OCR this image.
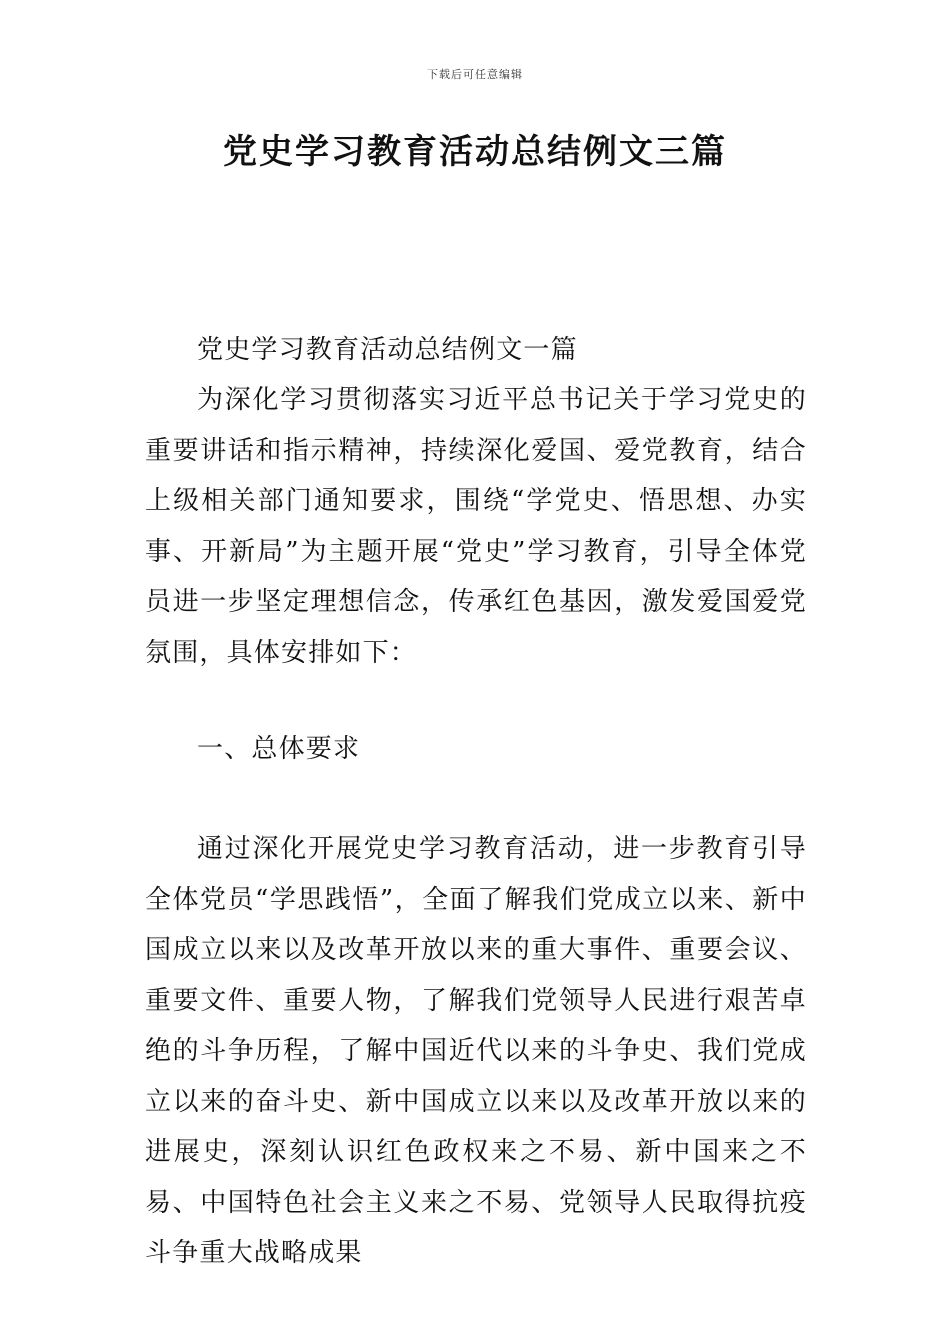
下载后可任意编辑
党史学习教育活动总结例文三篇

党史学习教育活动总结例文一篇

为深化学习贯彻落实习近平总书记关于学习党史的重要讲话和指示精神，持续深化爱国、爱党教育，结合上级相关部门通知要求，围绕“学党史、悟思想、办实事、开新局”为主题开展“党史”学习教育，引导全体党员进一步坚定理想信念，传承红色基因，激发爱国爱党氛围，具体安排如下：

一、总体要求

通过深化开展党史学习教育活动，进一步教育引导全体党员“学思践悟”，全面了解我们党成立以来、新中国成立以来以及改革开放以来的重大事件、重要会议、重要文件、重要人物，了解我们党领导人民进行艰苦卓绝的斗争历程，了解中国近代以来的斗争史、我们党成立以来的奋斗史、新中国成立以来以及改革开放以来的进展史，深刻认识红色政权来之不易、新中国来之不易、中国特色社会主义来之不易、党领导人民取得抗疫斗争重大战略成果
